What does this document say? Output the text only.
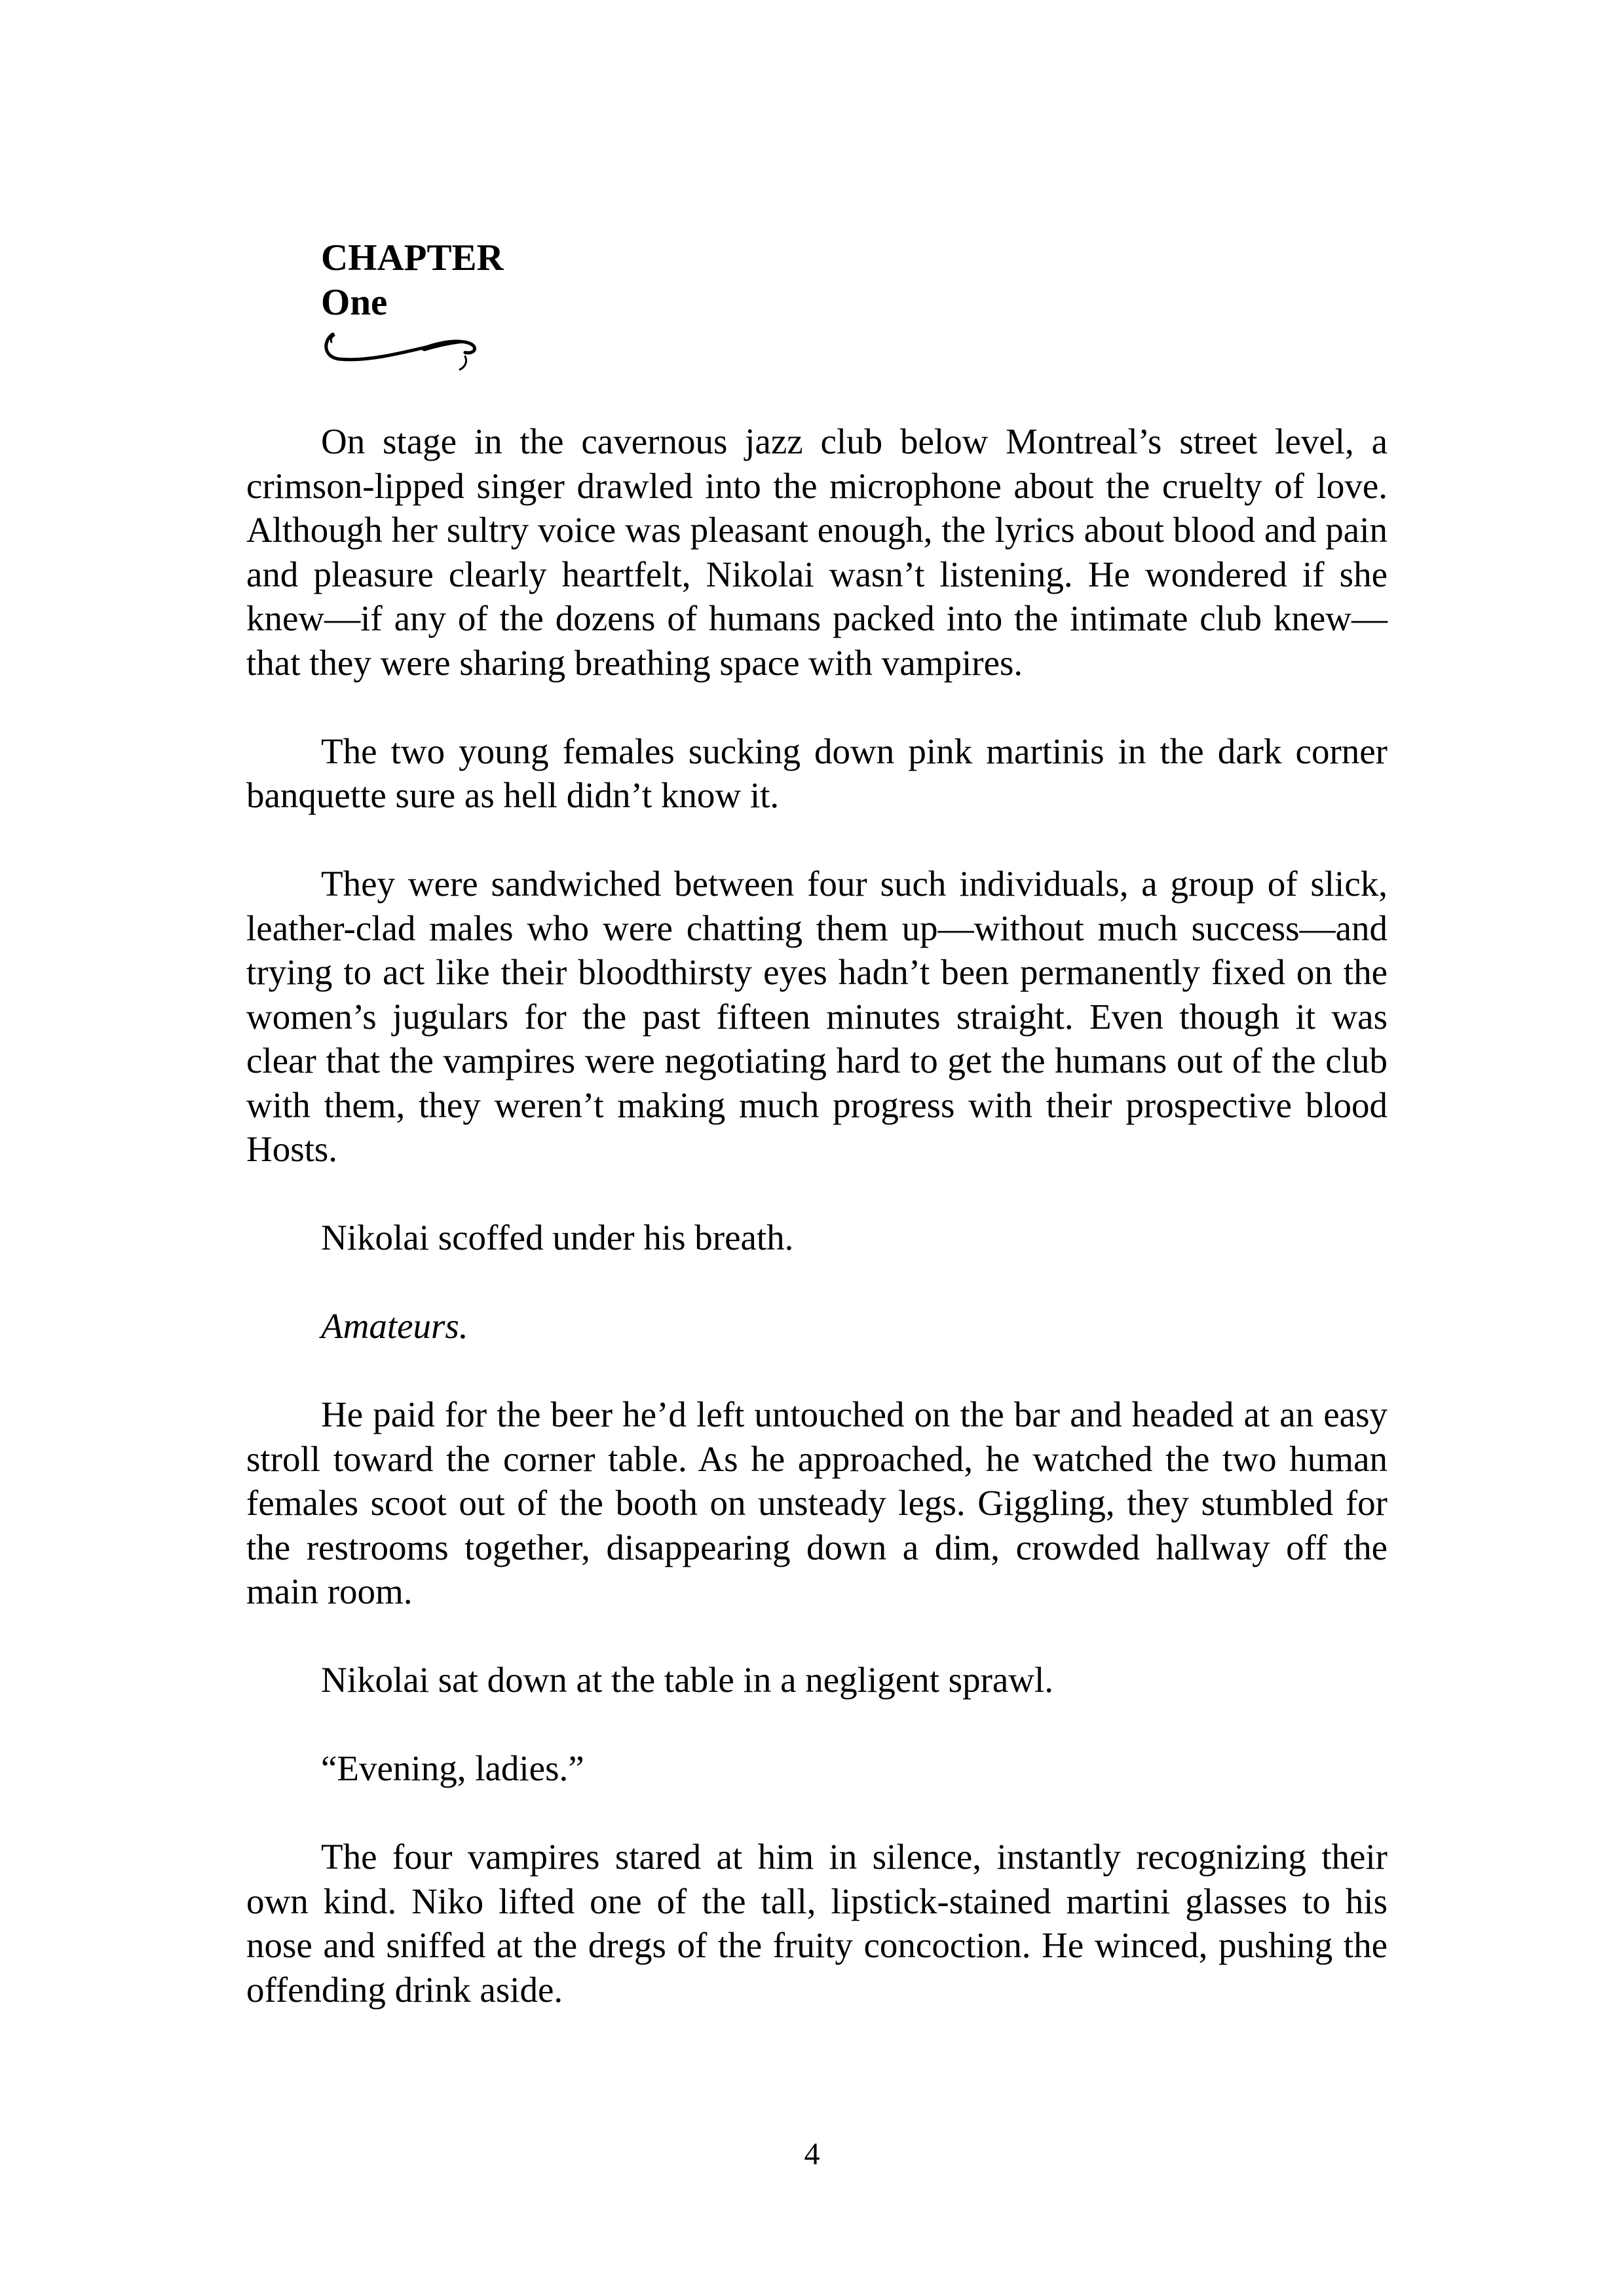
CHAPTER
One

On stage in the cavernous jazz club below Montreal’s street level, a crimson-lipped singer drawled into the microphone about the cruelty of love. Although her sultry voice was pleasant enough, the lyrics about blood and pain and pleasure clearly heartfelt, Nikolai wasn’t listening. He wondered if she knew—if any of the dozens of humans packed into the intimate club knew—that they were sharing breathing space with vampires.

The two young females sucking down pink martinis in the dark corner banquette sure as hell didn’t know it.

They were sandwiched between four such individuals, a group of slick, leather-clad males who were chatting them up—without much success—and trying to act like their bloodthirsty eyes hadn’t been permanently fixed on the women’s jugulars for the past fifteen minutes straight. Even though it was clear that the vampires were negotiating hard to get the humans out of the club with them, they weren’t making much progress with their prospective blood Hosts.

Nikolai scoffed under his breath.

Amateurs.

He paid for the beer he’d left untouched on the bar and headed at an easy stroll toward the corner table. As he approached, he watched the two human females scoot out of the booth on unsteady legs. Giggling, they stumbled for the restrooms together, disappearing down a dim, crowded hallway off the main room.

Nikolai sat down at the table in a negligent sprawl.

“Evening, ladies.”

The four vampires stared at him in silence, instantly recognizing their own kind. Niko lifted one of the tall, lipstick-stained martini glasses to his nose and sniffed at the dregs of the fruity concoction. He winced, pushing the offending drink aside.

4
